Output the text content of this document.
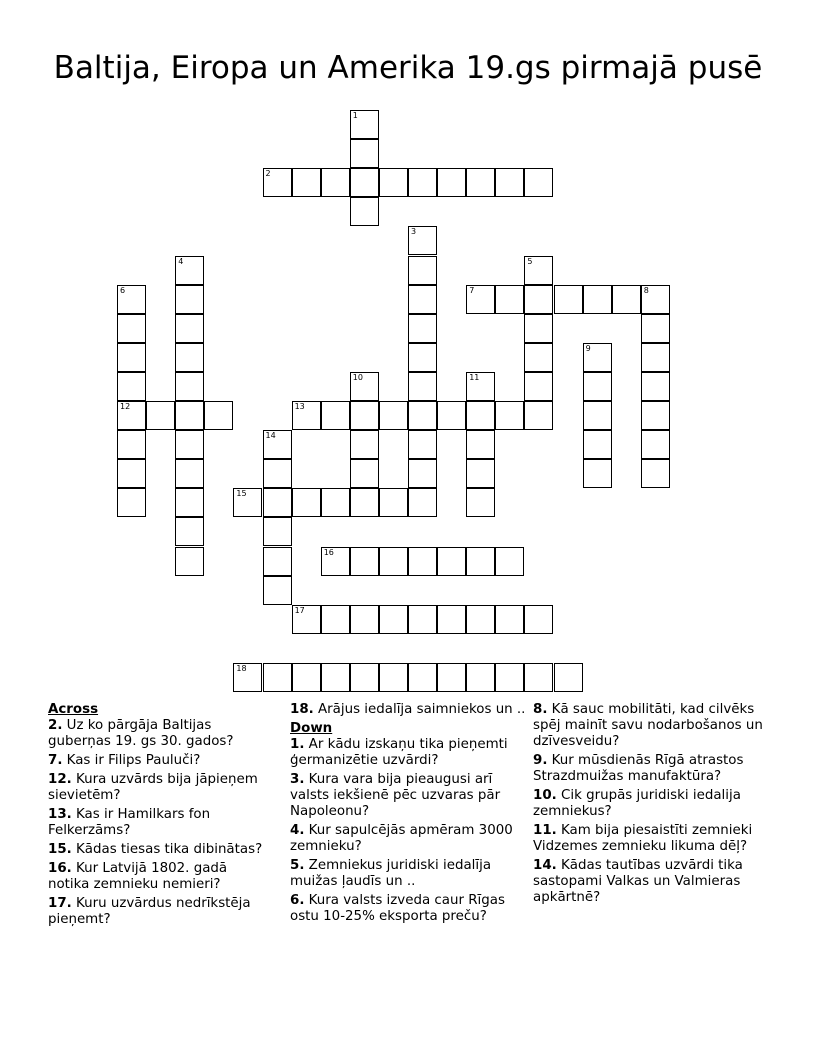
Baltija, Eiropa un Amerika 19.gs pirmajā pusē
1
2
3
4	5
6
12
7	8
9
10	11
13
14
15
16
17
18
Across
2. Uz ko pārgāja Baltijas guberņas 19. gs 30. gados?
7. Kas ir Filips Pauluči?
12. Kura uzvārds bija jāpieņem sievietēm?
13. Kas ir Hamilkars fon Felkerzāms?
15. Kādas tiesas tika dibinātas?
16. Kur Latvijā 1802. gadā notika zemnieku nemieri?
17. Kuru uzvārdus nedrīkstēja pieņemt?
18. Arājus iedalīja saimniekos un ..
Down
1. Ar kādu izskaņu tika pieņemti ģermanizētie uzvārdi?
3. Kura vara bija pieaugusi arī valsts iekšienē pēc uzvaras pār Napoleonu?
4. Kur sapulcējās apmēram 3000 zemnieku?
5. Zemniekus juridiski iedalīja muižas ļaudīs un ..
6. Kura valsts izveda caur Rīgas ostu 10-25% eksporta preču?
8. Kā sauc mobilitāti, kad cilvēks spēj mainīt savu nodarbošanos un dzīvesveidu?
9. Kur mūsdienās Rīgā atrastos Strazdmuižas manufaktūra?
10. Cik grupās juridiski iedalija zemniekus?
11. Kam bija piesaistīti zemnieki Vidzemes zemnieku likuma dēļ?
14. Kādas tautības uzvārdi tika sastopami Valkas un Valmieras apkārtnē?
